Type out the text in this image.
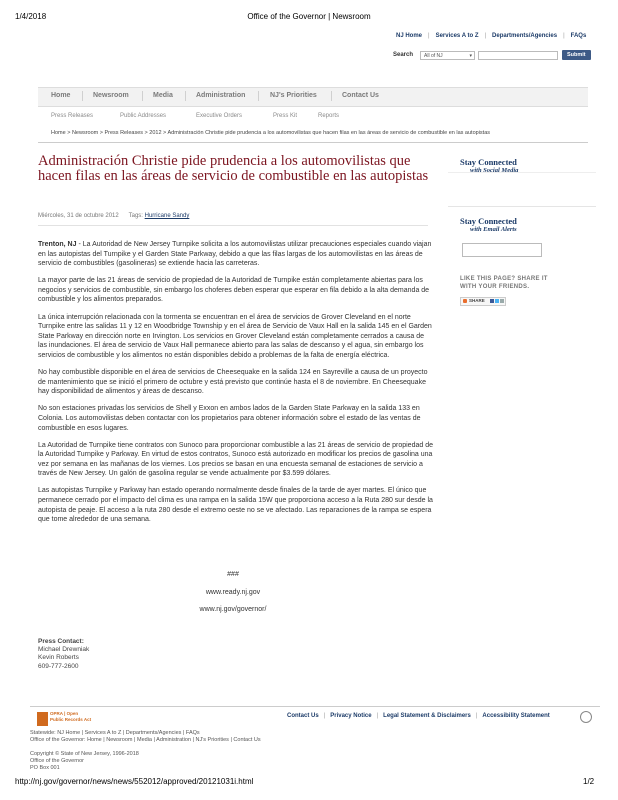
1/4/2018	Office of the Governor | Newsroom
NJ Home | Services A to Z | Departments/Agencies | FAQs
Search	All of NJ	▾	Submit
Home	Newsroom	Media	Administration	NJ's Priorities	Contact Us
Press Releases	Public Addresses	Executive Orders	Press Kit	Reports
Home > Newsroom > Press Releases > 2012 > Administración Christie pide prudencia a los automovilistas que hacen filas en las áreas de servicio de combustible en las autopistas
Administración Christie pide prudencia a los automovilistas que hacen filas en las áreas de servicio de combustible en las autopistas
Miércoles, 31 de octubre 2012 Tags: Hurricane Sandy

Trenton, NJ - La Autoridad de New Jersey Turnpike solicita a los automovilistas utilizar precauciones especiales cuando viajan en las autopistas del Turnpike y el Garden State Parkway, debido a que las filas largas de los automovilistas en las áreas de servicio de combustibles (gasolineras) se extiende hacia las carreteras.

La mayor parte de las 21 áreas de servicio de propiedad de la Autoridad de Turnpike están completamente abiertas para los negocios y servicios de combustible, sin embargo los choferes deben esperar que esperar en fila debido a la alta demanda de combustible y los alimentos preparados.

La única interrupción relacionada con la tormenta se encuentran en el área de servicios de Grover Cleveland en el norte Turnpike entre las salidas 11 y 12 en Woodbridge Township y en el área de Servicio de Vaux Hall en la salida 145 en el Garden State Parkway en dirección norte en Irvington. Los servicios en Grover Cleveland están completamente cerrados a causa de las inundaciones. El área de servicio de Vaux Hall permanece abierto para las salas de descanso y el agua, sin embargo los servicios de combustible y los alimentos no están disponibles debido a problemas de la falta de energía eléctrica.

No hay combustible disponible en el área de servicios de Cheesequake en la salida 124 en Sayreville a causa de un proyecto de mantenimiento que se inició el primero de octubre y está previsto que continúe hasta el 8 de noviembre. En Cheesequake hay disponibilidad de alimentos y áreas de descanso.

No son estaciones privadas los servicios de Shell y Exxon en ambos lados de la Garden State Parkway en la salida 133 en Colonia. Los automovilistas deben contactar con los propietarios para obtener información sobre el estado de las ventas de combustible en esos lugares.

La Autoridad de Turnpike tiene contratos con Sunoco para proporcionar combustible a las 21 áreas de servicio de propiedad de la Autoridad Turnpike y Parkway. En virtud de estos contratos, Sunoco está autorizado en modificar los precios de gasolina una vez por semana en las mañanas de los viernes. Los precios se basan en una encuesta semanal de estaciones de servicio a través de New Jersey. Un galón de gasolina regular se vende actualmente por $3.599 dólares.

Las autopistas Turnpike y Parkway han estado operando normalmente desde finales de la tarde de ayer martes. El único que permanece cerrado por el impacto del clima es una rampa en la salida 15W que proporciona acceso a la Ruta 280 sur desde la autopista de peaje. El acceso a la ruta 280 desde el extremo oeste no se ve afectado. Las reparaciones de la rampa se espera que tome alrededor de una semana.

###
www.ready.nj.gov
www.nj.gov/governor/
Press Contact:
Michael Drewniak
Kevin Roberts
609-777-2600
Stay Connected
with Social Media
Stay Connected
with Email Alerts
LIKE THIS PAGE? SHARE IT
WITH YOUR FRIENDS.
SHARE
OPRA | Open
Public Records Act
Contact Us | Privacy Notice | Legal Statement & Disclaimers | Accessibility Statement
Statewide: NJ Home | Services A to Z | Departments/Agencies | FAQs
Office of the Governor: Home | Newsroom | Media | Administration | NJ's Priorities | Contact Us
Copyright © State of New Jersey, 1996-2018
Office of the Governor
PO Box 001
http://nj.gov/governor/news/news/552012/approved/20121031i.html	1/2
